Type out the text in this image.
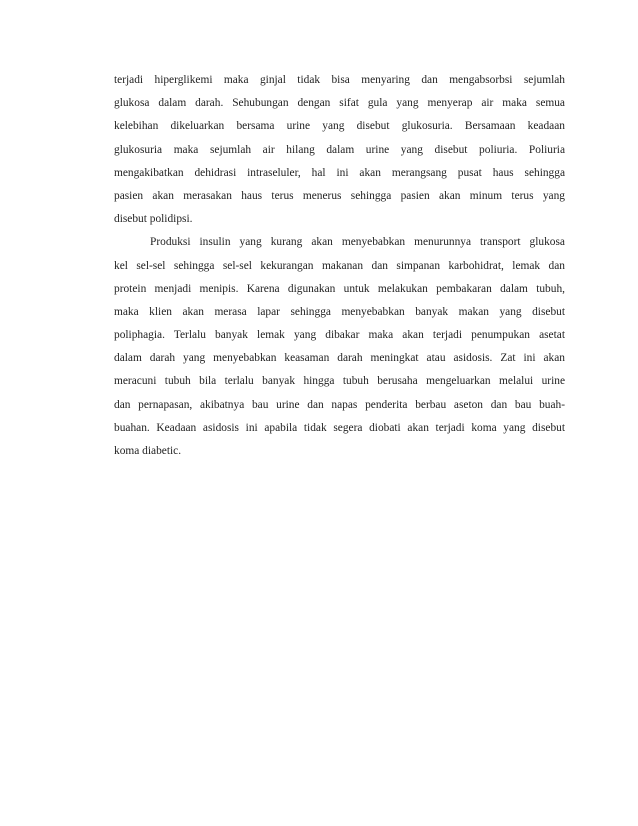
terjadi hiperglikemi maka ginjal tidak bisa menyaring dan mengabsorbsi sejumlah
glukosa dalam darah. Sehubungan dengan sifat gula yang menyerap air maka semua
kelebihan dikeluarkan bersama urine yang disebut glukosuria. Bersamaan keadaan
glukosuria maka sejumlah air hilang dalam urine yang disebut poliuria. Poliuria
mengakibatkan dehidrasi intraseluler, hal ini akan merangsang pusat haus sehingga
pasien akan merasakan haus terus menerus sehingga pasien akan minum terus yang
disebut polidipsi.
Produksi insulin yang kurang akan menyebabkan menurunnya transport glukosa
kel sel-sel sehingga sel-sel kekurangan makanan dan simpanan karbohidrat, lemak dan
protein menjadi menipis. Karena digunakan untuk melakukan pembakaran dalam tubuh,
maka klien akan merasa lapar sehingga menyebabkan banyak makan yang disebut
poliphagia. Terlalu banyak lemak yang dibakar maka akan terjadi penumpukan asetat
dalam darah yang menyebabkan keasaman darah meningkat atau asidosis. Zat ini akan
meracuni tubuh bila terlalu banyak hingga tubuh berusaha mengeluarkan melalui urine
dan pernapasan, akibatnya bau urine dan napas penderita berbau aseton dan bau buah-
buahan. Keadaan asidosis ini apabila tidak segera diobati akan terjadi koma yang disebut
koma diabetic.
